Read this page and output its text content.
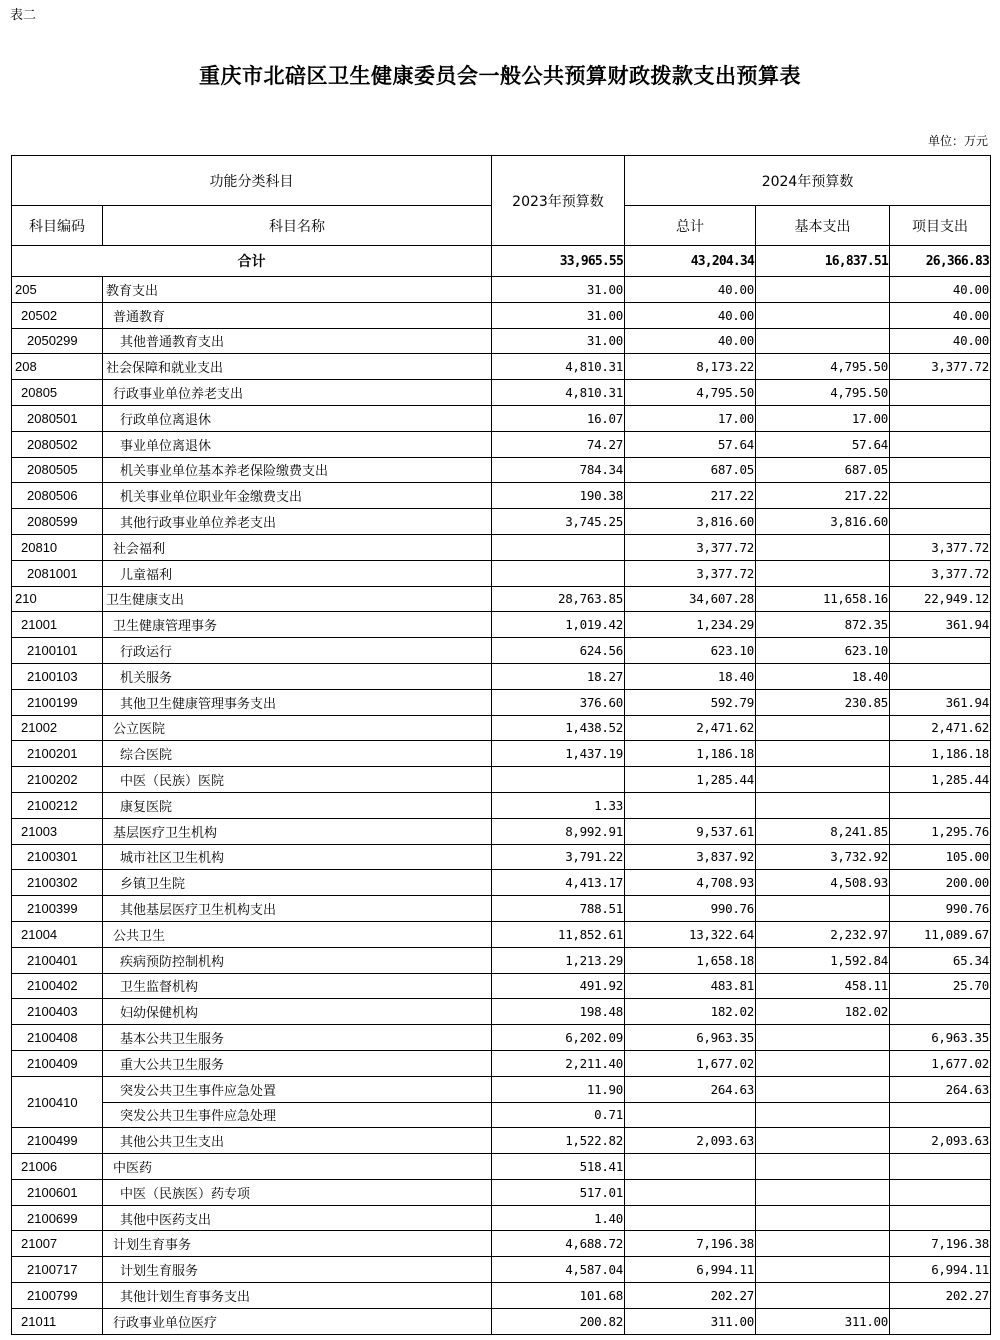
表二
重庆市北碚区卫生健康委员会一般公共预算财政拨款支出预算表
单位：万元
功能分类科目		2023年预算数	2024年预算数		
科目编码	科目名称		总计	基本支出	项目支出
合计		33,965.55	43,204.34	16,837.51	26,366.83
205	教育支出	31.00	40.00		40.00
20502	普通教育	31.00	40.00		40.00
2050299	其他普通教育支出	31.00	40.00		40.00
208	社会保障和就业支出	4,810.31	8,173.22	4,795.50	3,377.72
20805	行政事业单位养老支出	4,810.31	4,795.50	4,795.50	
2080501	行政单位离退休	16.07	17.00	17.00	
2080502	事业单位离退休	74.27	57.64	57.64	
2080505	机关事业单位基本养老保险缴费支出	784.34	687.05	687.05	
2080506	机关事业单位职业年金缴费支出	190.38	217.22	217.22	
2080599	其他行政事业单位养老支出	3,745.25	3,816.60	3,816.60	
20810	社会福利		3,377.72		3,377.72
2081001	儿童福利		3,377.72		3,377.72
210	卫生健康支出	28,763.85	34,607.28	11,658.16	22,949.12
21001	卫生健康管理事务	1,019.42	1,234.29	872.35	361.94
2100101	行政运行	624.56	623.10	623.10	
2100103	机关服务	18.27	18.40	18.40	
2100199	其他卫生健康管理事务支出	376.60	592.79	230.85	361.94
21002	公立医院	1,438.52	2,471.62		2,471.62
2100201	综合医院	1,437.19	1,186.18		1,186.18
2100202	中医（民族）医院		1,285.44		1,285.44
2100212	康复医院	1.33			
21003	基层医疗卫生机构	8,992.91	9,537.61	8,241.85	1,295.76
2100301	城市社区卫生机构	3,791.22	3,837.92	3,732.92	105.00
2100302	乡镇卫生院	4,413.17	4,708.93	4,508.93	200.00
2100399	其他基层医疗卫生机构支出	788.51	990.76		990.76
21004	公共卫生	11,852.61	13,322.64	2,232.97	11,089.67
2100401	疾病预防控制机构	1,213.29	1,658.18	1,592.84	65.34
2100402	卫生监督机构	491.92	483.81	458.11	25.70
2100403	妇幼保健机构	198.48	182.02	182.02	
2100408	基本公共卫生服务	6,202.09	6,963.35		6,963.35
2100409	重大公共卫生服务	2,211.40	1,677.02		1,677.02
2100410	突发公共卫生事件应急处置	11.90	264.63		264.63
	突发公共卫生事件应急处理	0.71			
2100499	其他公共卫生支出	1,522.82	2,093.63		2,093.63
21006	中医药	518.41			
2100601	中医（民族医）药专项	517.01			
2100699	其他中医药支出	1.40			
21007	计划生育事务	4,688.72	7,196.38		7,196.38
2100717	计划生育服务	4,587.04	6,994.11		6,994.11
2100799	其他计划生育事务支出	101.68	202.27		202.27
21011	行政事业单位医疗	200.82	311.00	311.00	
